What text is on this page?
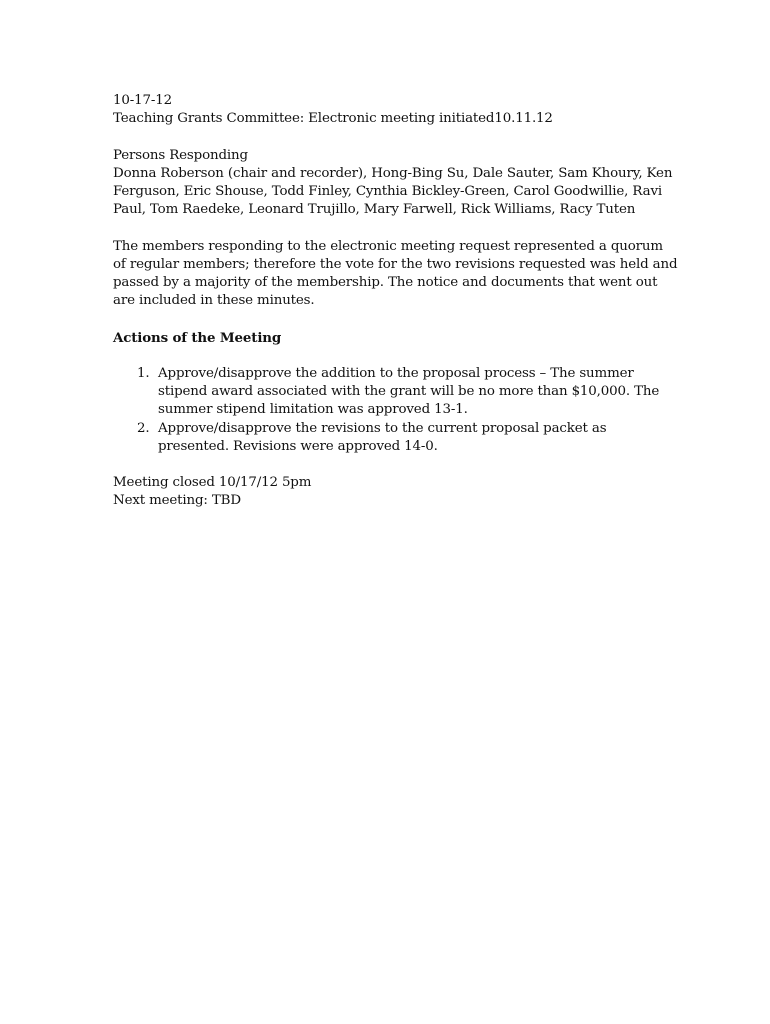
10-17-12
Teaching Grants Committee: Electronic meeting initiated10.11.12
Persons Responding
Donna Roberson (chair and recorder), Hong-Bing Su, Dale Sauter, Sam Khoury, Ken
Ferguson, Eric Shouse, Todd Finley, Cynthia Bickley-Green, Carol Goodwillie, Ravi
Paul, Tom Raedeke, Leonard Trujillo, Mary Farwell, Rick Williams, Racy Tuten
The members responding to the electronic meeting request represented a quorum
of regular members; therefore the vote for the two revisions requested was held and
passed by a majority of the membership. The notice and documents that went out
are included in these minutes.
Actions of the Meeting
1. Approve/disapprove the addition to the proposal process – The summer
stipend award associated with the grant will be no more than $10,000. The
summer stipend limitation was approved 13-1.
2. Approve/disapprove the revisions to the current proposal packet as
presented. Revisions were approved 14-0.
Meeting closed 10/17/12 5pm
Next meeting: TBD
